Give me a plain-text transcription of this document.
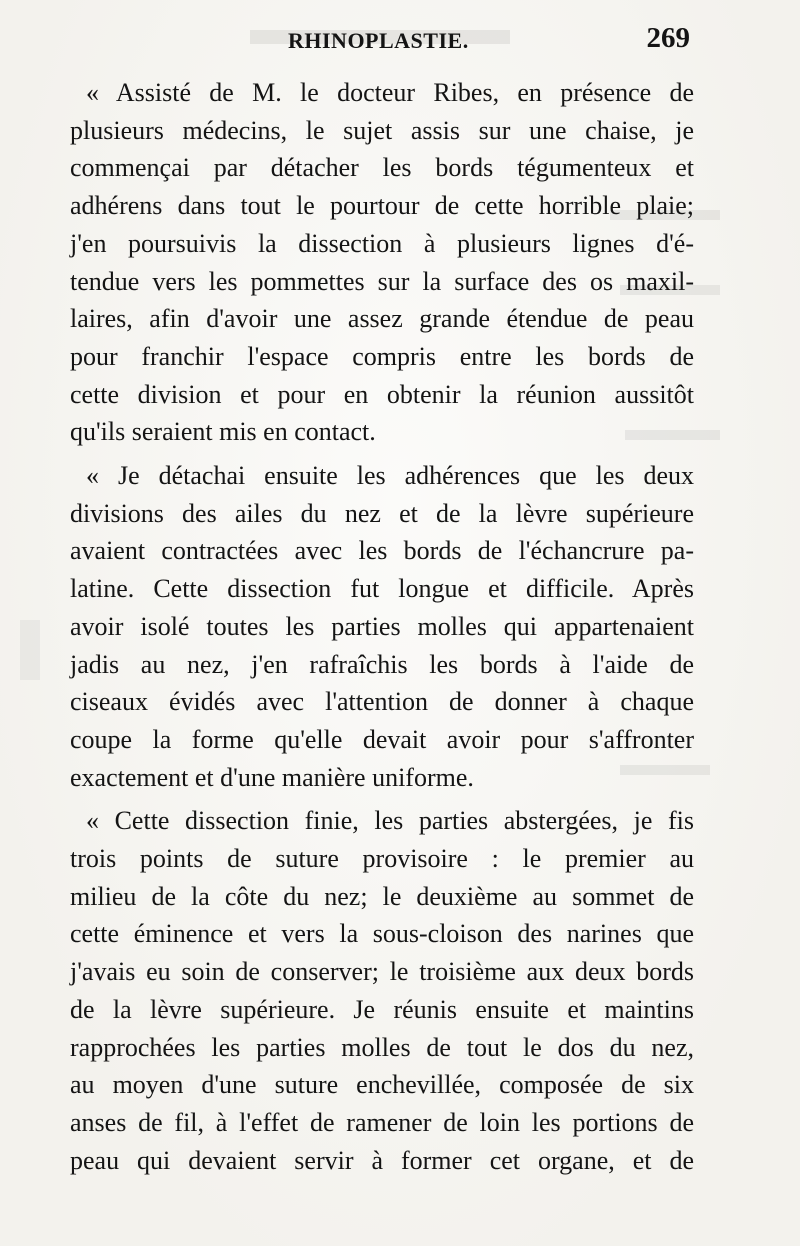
RHINOPLASTIE.	269

« Assisté de M. le docteur Ribes, en présence de
plusieurs médecins, le sujet assis sur une chaise, je
commençai par détacher les bords tégumenteux et
adhérens dans tout le pourtour de cette horrible plaie;
j'en poursuivis la dissection à plusieurs lignes d'é-
tendue vers les pommettes sur la surface des os maxil-
laires, afin d'avoir une assez grande étendue de peau
pour franchir l'espace compris entre les bords de
cette division et pour en obtenir la réunion aussitôt
qu'ils seraient mis en contact.

« Je détachai ensuite les adhérences que les deux
divisions des ailes du nez et de la lèvre supérieure
avaient contractées avec les bords de l'échancrure pa-
latine. Cette dissection fut longue et difficile. Après
avoir isolé toutes les parties molles qui appartenaient
jadis au nez, j'en rafraîchis les bords à l'aide de
ciseaux évidés avec l'attention de donner à chaque
coupe la forme qu'elle devait avoir pour s'affronter
exactement et d'une manière uniforme.

« Cette dissection finie, les parties abstergées, je fis
trois points de suture provisoire : le premier au
milieu de la côte du nez; le deuxième au sommet de
cette éminence et vers la sous-cloison des narines que
j'avais eu soin de conserver; le troisième aux deux bords
de la lèvre supérieure. Je réunis ensuite et maintins
rapprochées les parties molles de tout le dos du nez,
au moyen d'une suture enchevillée, composée de six
anses de fil, à l'effet de ramener de loin les portions de
peau qui devaient servir à former cet organe, et de
